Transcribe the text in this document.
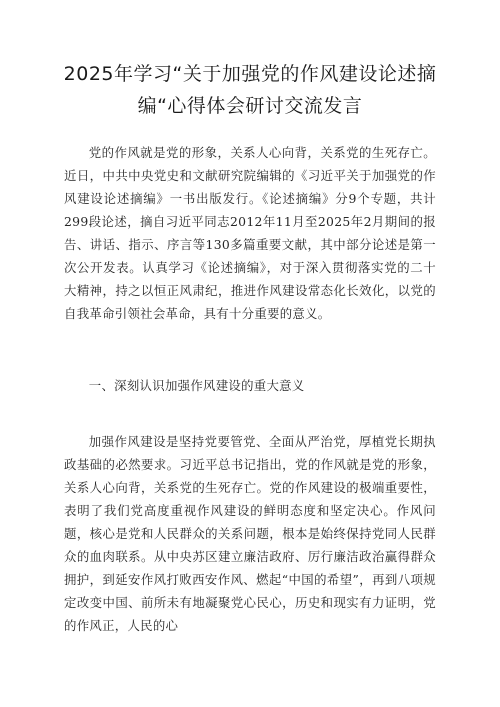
2025年学习“关于加强党的作风建设论述摘编“心得体会研讨交流发言
党的作风就是党的形象，关系人心向背，关系党的生死存亡。近日，中共中央党史和文献研究院编辑的《习近平关于加强党的作风建设论述摘编》一书出版发行。《论述摘编》分9个专题，共计299段论述，摘自习近平同志2012年11月至2025年2月期间的报告、讲话、指示、序言等130多篇重要文献，其中部分论述是第一次公开发表。认真学习《论述摘编》，对于深入贯彻落实党的二十大精神，持之以恒正风肃纪，推进作风建设常态化长效化，以党的自我革命引领社会革命，具有十分重要的意义。
一、深刻认识加强作风建设的重大意义
加强作风建设是坚持党要管党、全面从严治党，厚植党长期执政基础的必然要求。习近平总书记指出，党的作风就是党的形象，关系人心向背，关系党的生死存亡。党的作风建设的极端重要性，表明了我们党高度重视作风建设的鲜明态度和坚定决心。作风问题，核心是党和人民群众的关系问题，根本是始终保持党同人民群众的血肉联系。从中央苏区建立廉洁政府、厉行廉洁政治赢得群众拥护，到延安作风打败西安作风、燃起“中国的希望”，再到八项规定改变中国、前所未有地凝聚党心民心，历史和现实有力证明，党的作风正，人民的心
